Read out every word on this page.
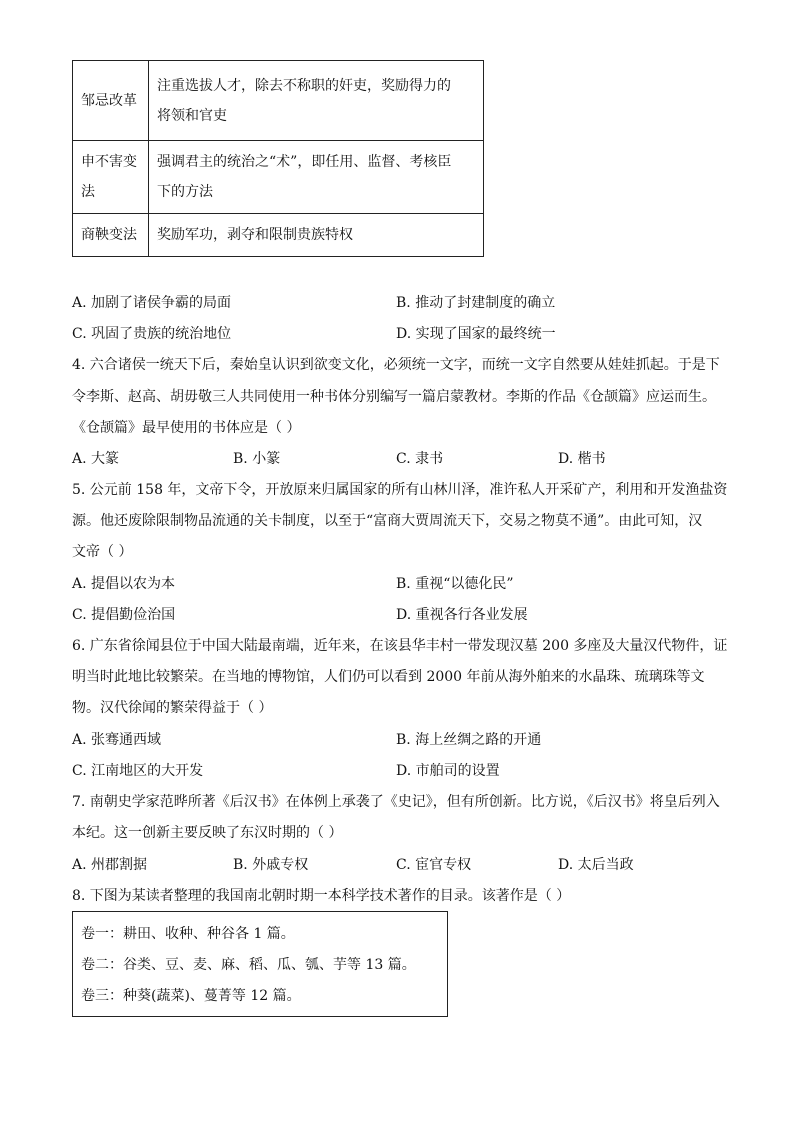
邹忌改革	注重选拔人才，除去不称职的奸吏，奖励得力的
将领和官吏

申不害变法	强调君主的统治之“术”，即任用、监督、考核臣
下的方法

商鞅变法	奖励军功，剥夺和限制贵族特权
A. 加剧了诸侯争霸的局面	B. 推动了封建制度的确立
C. 巩固了贵族的统治地位	D. 实现了国家的最终统一
4. 六合诸侯一统天下后，秦始皇认识到欲变文化，必须统一文字，而统一文字自然要从娃娃抓起。于是下
令李斯、赵高、胡毋敬三人共同使用一种书体分别编写一篇启蒙教材。李斯的作品《仓颉篇》应运而生。
《仓颉篇》最早使用的书体应是（ ）
A. 大篆	B. 小篆	C. 隶书	D. 楷书
5. 公元前 158 年，文帝下令，开放原来归属国家的所有山林川泽，准许私人开采矿产，利用和开发渔盐资
源。他还废除限制物品流通的关卡制度，以至于“富商大贾周流天下，交易之物莫不通”。由此可知，汉
文帝（ ）
A. 提倡以农为本	B. 重视“以德化民”
C. 提倡勤俭治国	D. 重视各行各业发展
6. 广东省徐闻县位于中国大陆最南端，近年来，在该县华丰村一带发现汉墓 200 多座及大量汉代物件，证
明当时此地比较繁荣。在当地的博物馆，人们仍可以看到 2000 年前从海外舶来的水晶珠、琉璃珠等文
物。汉代徐闻的繁荣得益于（ ）
A. 张骞通西域	B. 海上丝绸之路的开通
C. 江南地区的大开发	D. 市舶司的设置
7. 南朝史学家范晔所著《后汉书》在体例上承袭了《史记》，但有所创新。比方说，《后汉书》将皇后列入
本纪。这一创新主要反映了东汉时期的（ ）
A. 州郡割据	B. 外戚专权	C. 宦官专权	D. 太后当政
8. 下图为某读者整理的我国南北朝时期一本科学技术著作的目录。该著作是（ ）
卷一：耕田、收种、种谷各 1 篇。
卷二：谷类、豆、麦、麻、稻、瓜、瓠、芋等 13 篇。
卷三：种葵(蔬菜)、蔓菁等 12 篇。
